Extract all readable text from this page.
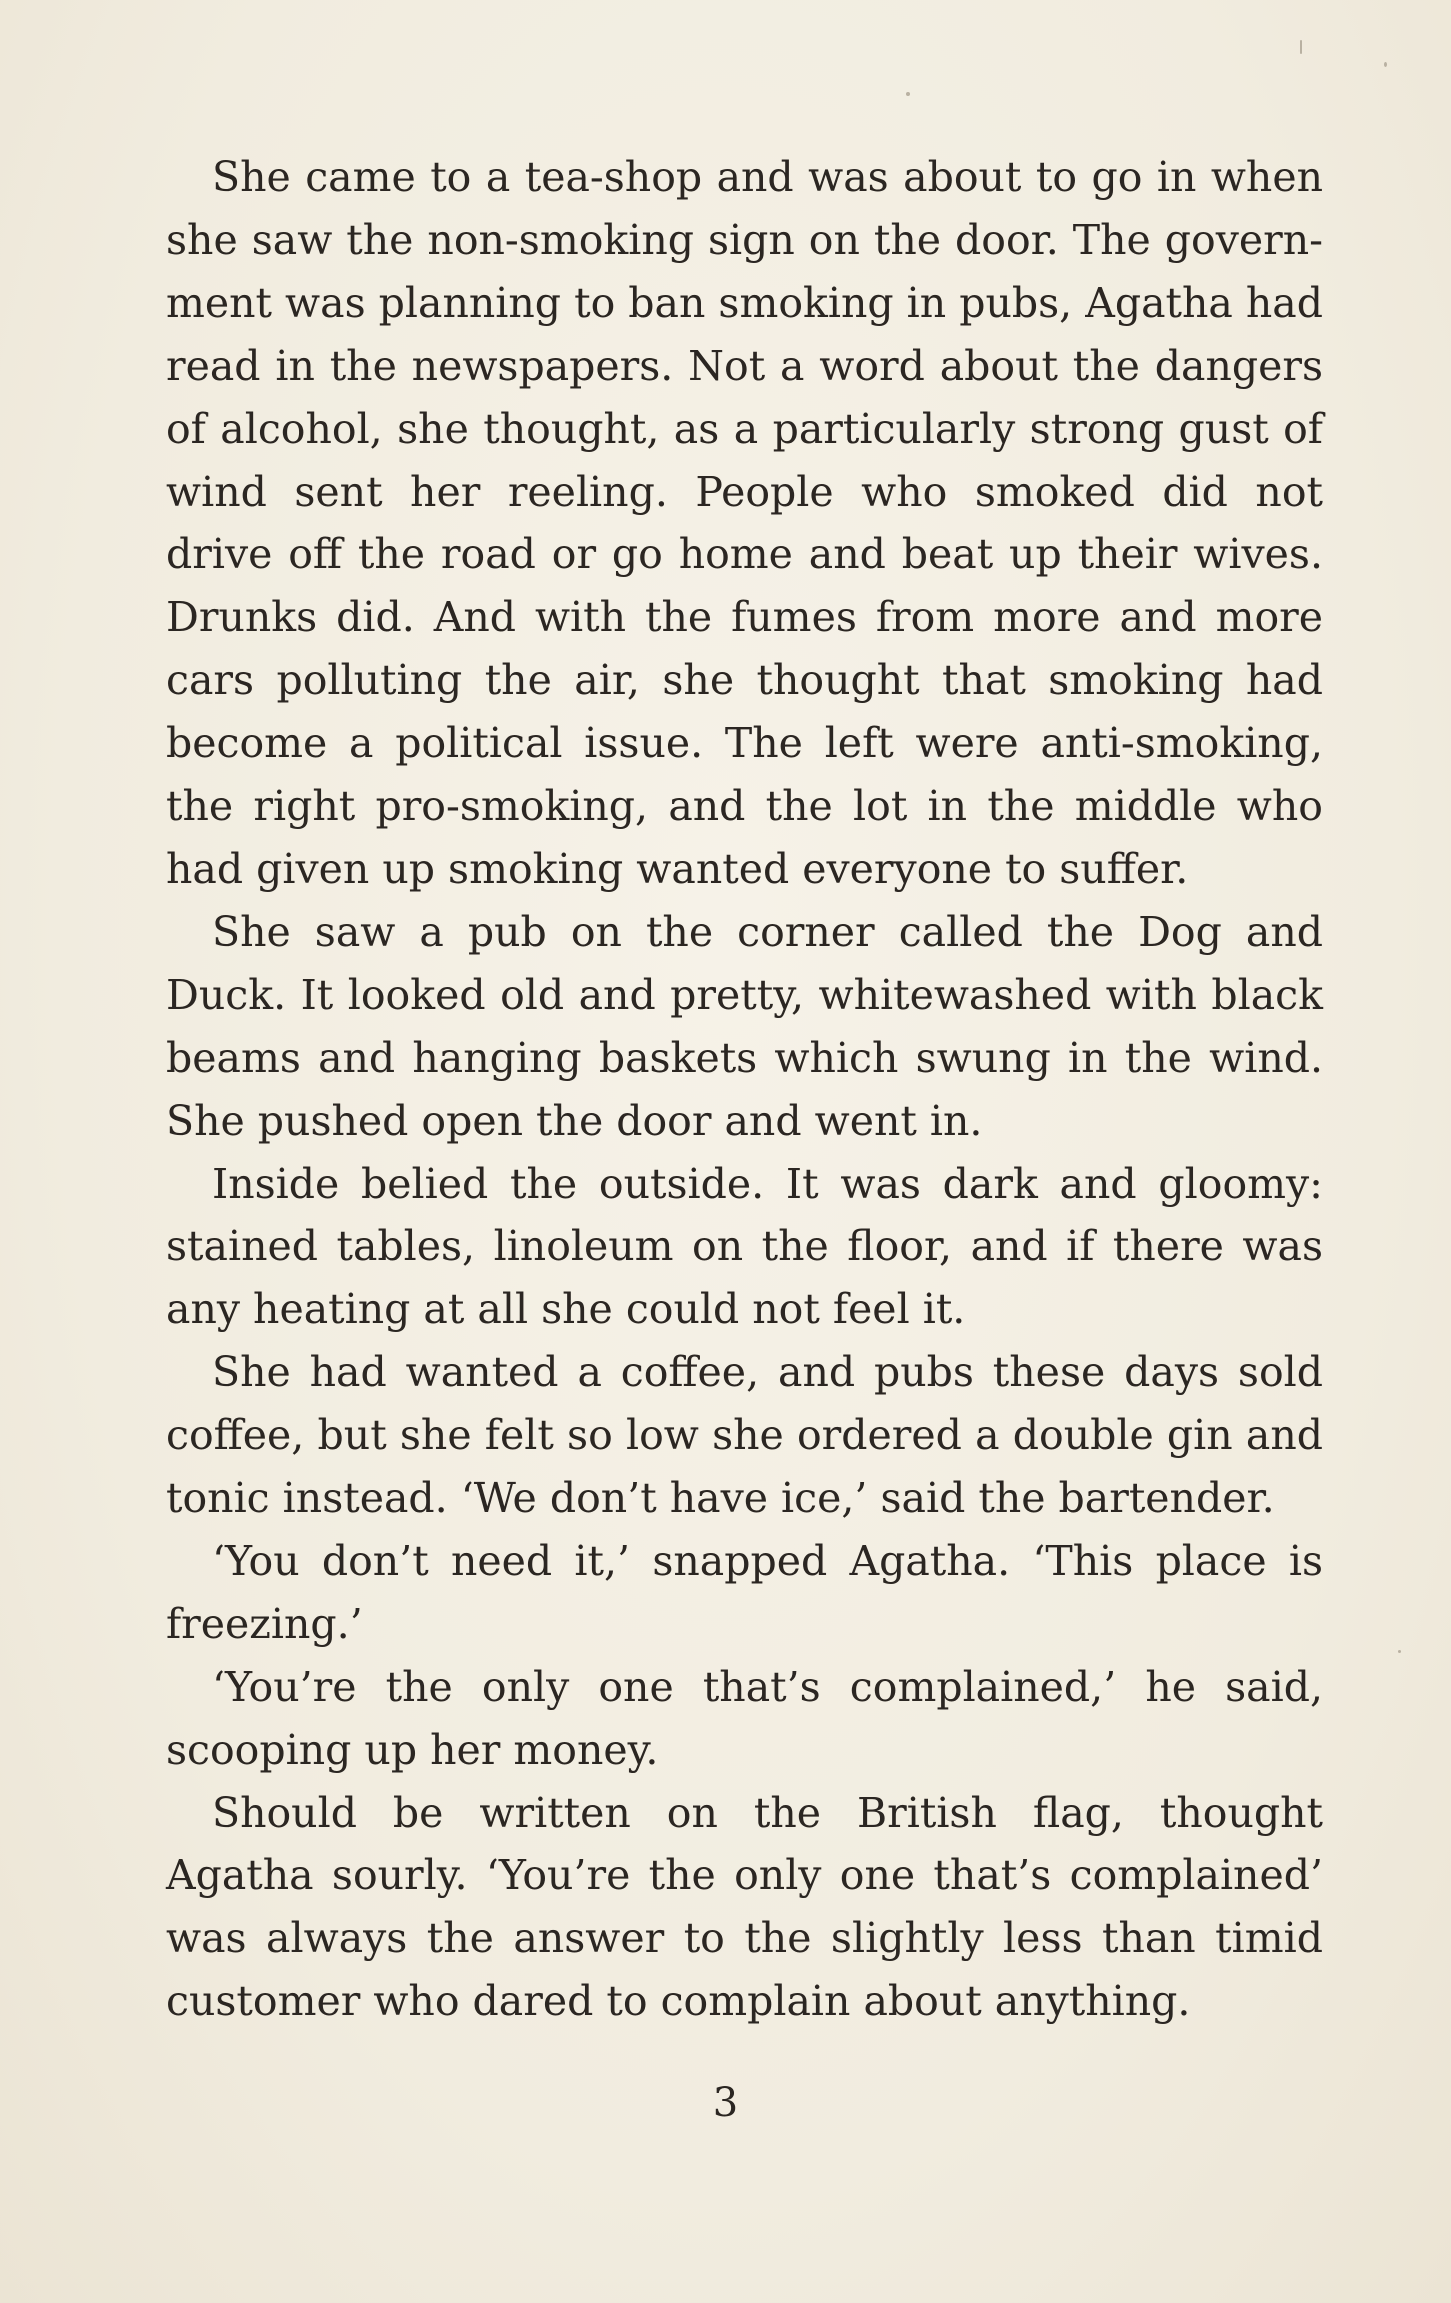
She came to a tea-shop and was about to go in when she saw the non-smoking sign on the door. The government was planning to ban smoking in pubs, Agatha had read in the newspapers. Not a word about the dangers of alcohol, she thought, as a particularly strong gust of wind sent her reeling. People who smoked did not drive off the road or go home and beat up their wives. Drunks did. And with the fumes from more and more cars polluting the air, she thought that smoking had become a political issue. The left were anti-smoking, the right pro-smoking, and the lot in the middle who had given up smoking wanted everyone to suffer.

She saw a pub on the corner called the Dog and Duck. It looked old and pretty, whitewashed with black beams and hanging baskets which swung in the wind. She pushed open the door and went in.

Inside belied the outside. It was dark and gloomy: stained tables, linoleum on the floor, and if there was any heating at all she could not feel it.

She had wanted a coffee, and pubs these days sold coffee, but she felt so low she ordered a double gin and tonic instead. ‘We don’t have ice,’ said the bartender.

‘You don’t need it,’ snapped Agatha. ‘This place is freezing.’

‘You’re the only one that’s complained,’ he said, scooping up her money.

Should be written on the British flag, thought Agatha sourly. ‘You’re the only one that’s complained’ was always the answer to the slightly less than timid customer who dared to complain about anything.

3
